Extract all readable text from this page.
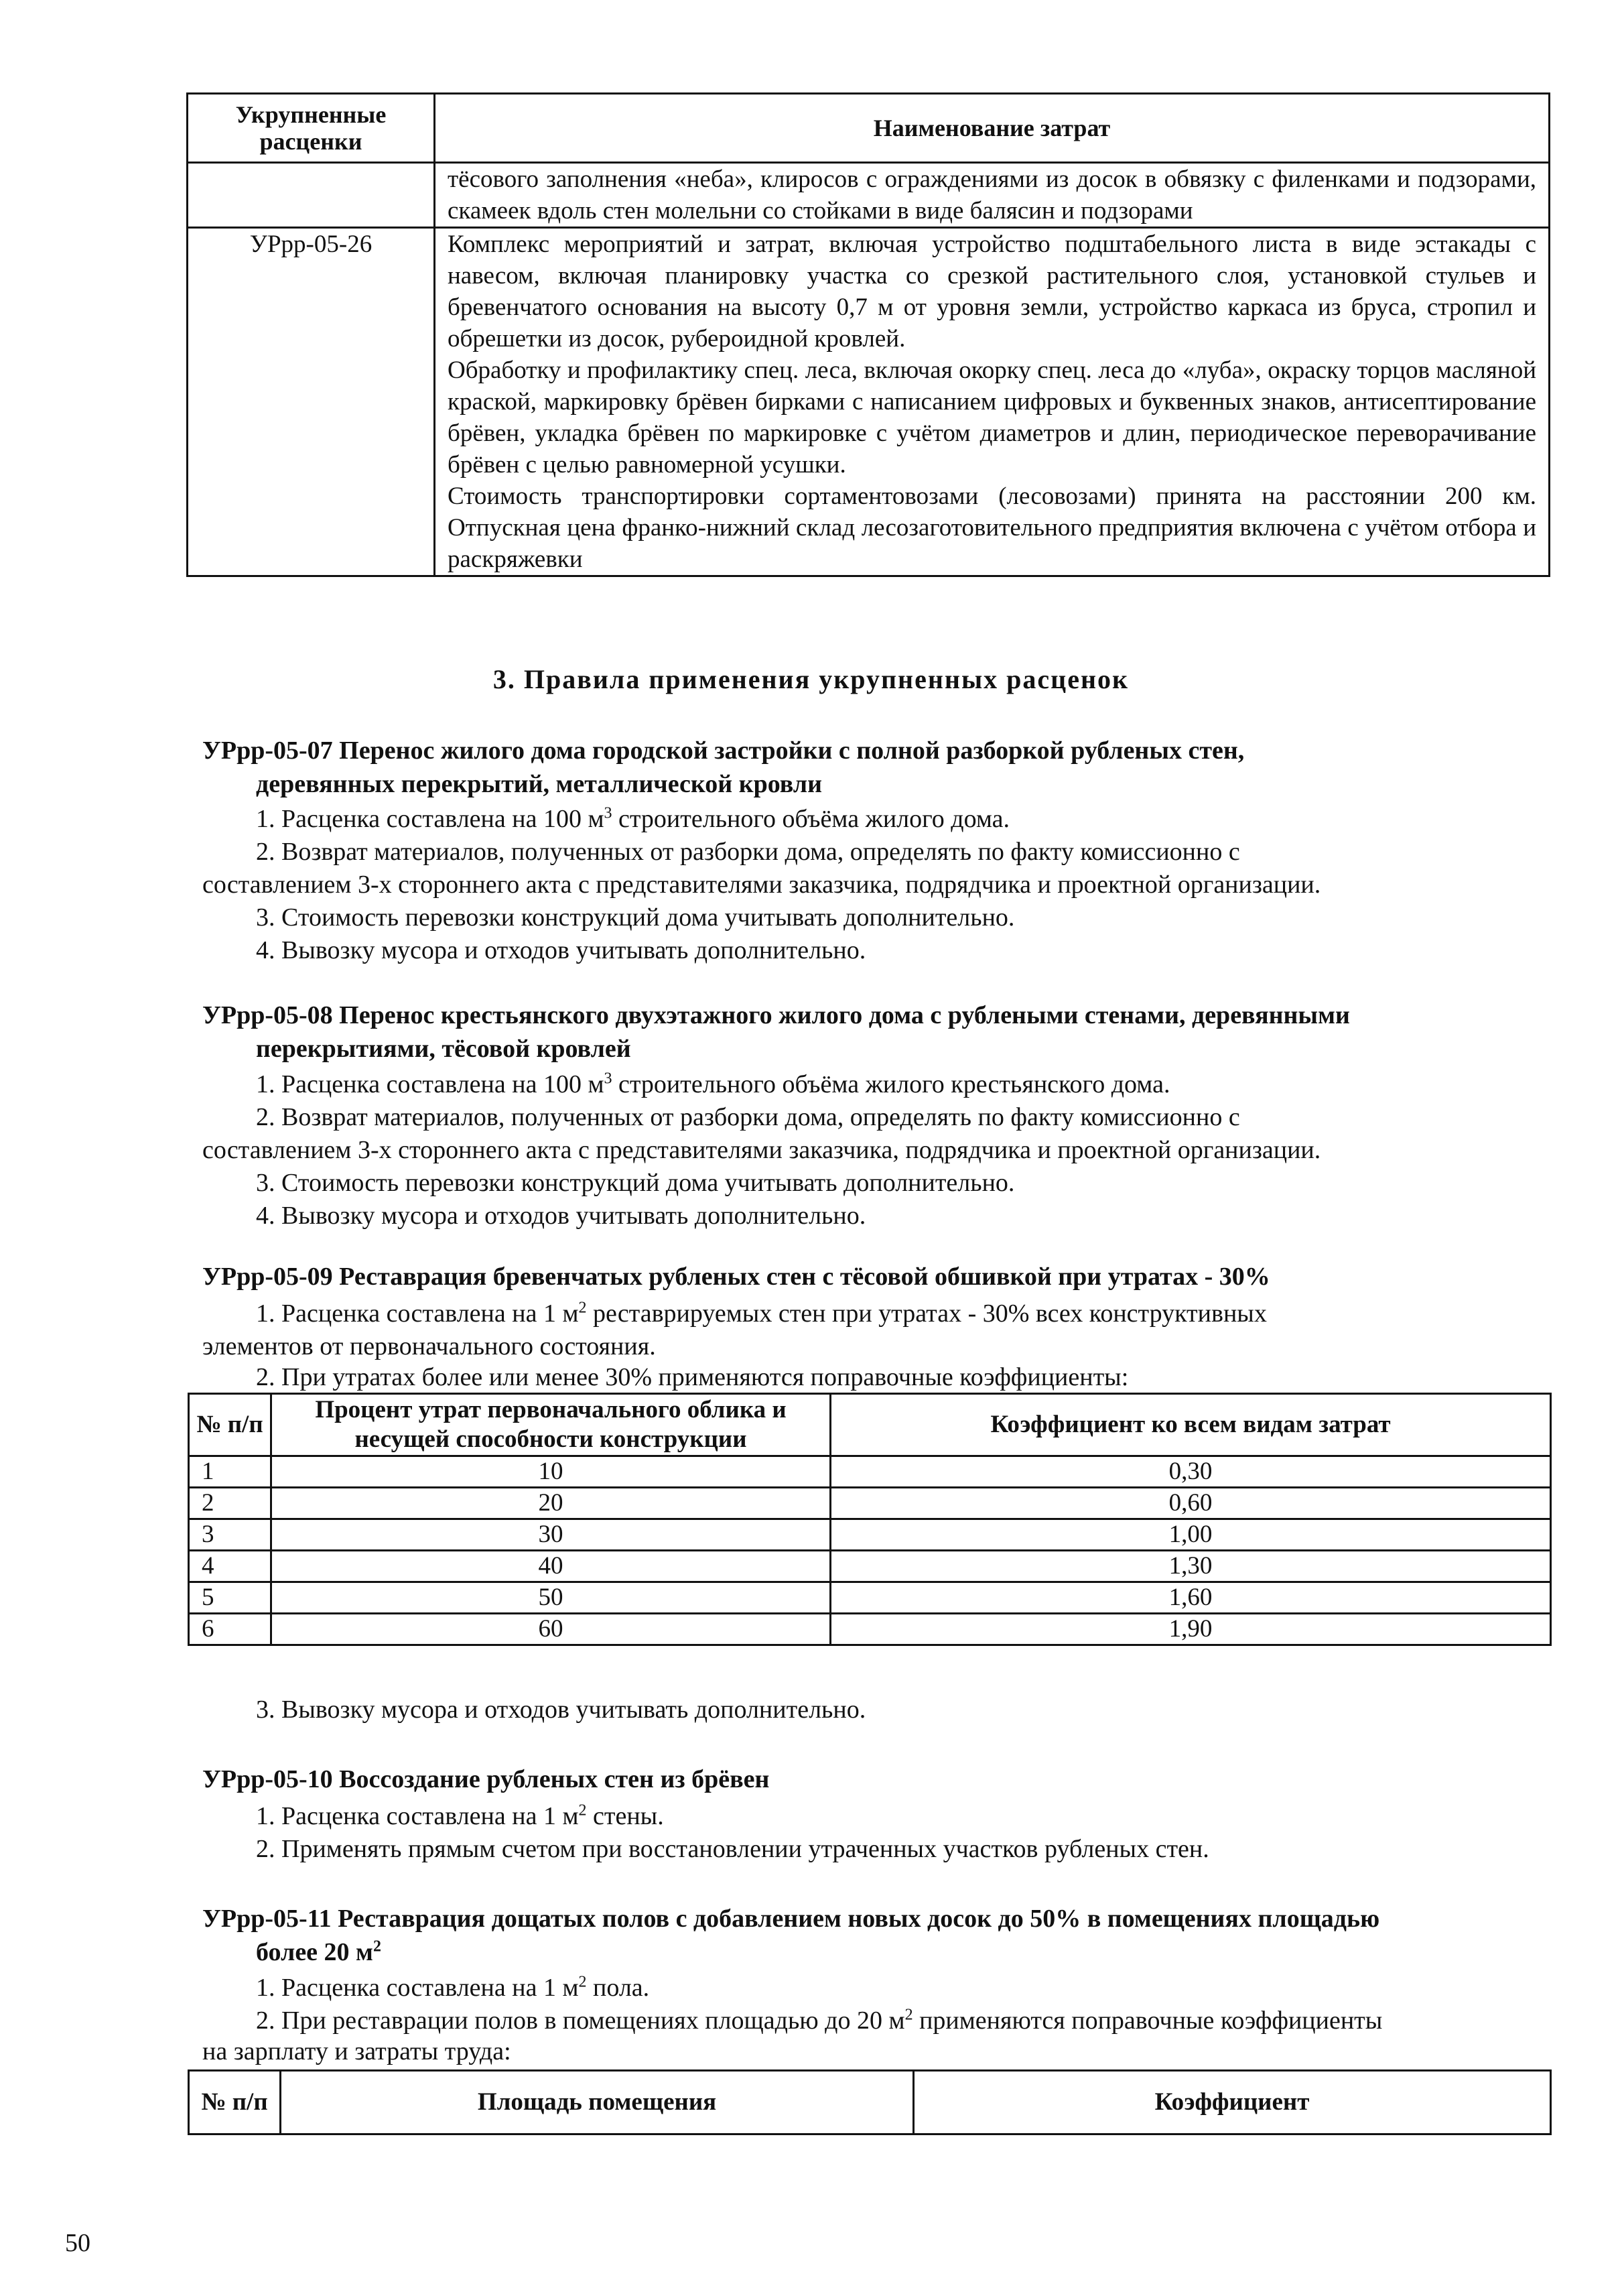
Укрупненные расценки	Наименование затрат

	тёсового заполнения «неба», клиросов с ограждениями из досок в обвязку с филенками и подзорами, скамеек вдоль стен молельни со стойками в виде балясин и подзорами

УРрр-05-26	Комплекс мероприятий и затрат, включая устройство подштабельного листа в виде эстакады с навесом, включая планировку участка со срезкой растительного слоя, установкой стульев и бревенчатого основания на высоту 0,7 м от уровня земли, устройство каркаса из бруса, стропил и обрешетки из досок, рубероидной кровлей.

Обработку и профилактику спец. леса, включая окорку спец. леса до «луба», окраску торцов масляной краской, маркировку брёвен бирками с написанием цифровых и буквенных знаков, антисептирование брёвен, укладка брёвен по маркировке с учётом диаметров и длин, периодическое переворачивание брёвен с целью равномерной усушки.

Стоимость транспортировки сортаментовозами (лесовозами) принята на расстоянии 200 км. Отпускная цена франко-нижний склад лесозаготовительного предприятия включена с учётом отбора и раскряжевки

3. Правила применения укрупненных расценок
УРрр-05-07 Перенос жилого дома городской застройки с полной разборкой рубленых стен,
деревянных перекрытий, металлической кровли
1. Расценка составлена на 100 $м^3$ строительного объёма жилого дома.
2. Возврат материалов, полученных от разборки дома, определять по факту комиссионно с
составлением 3-х стороннего акта с представителями заказчика, подрядчика и проектной организации.
3. Стоимость перевозки конструкций дома учитывать дополнительно.
4. Вывозку мусора и отходов учитывать дополнительно.
УРрр-05-08 Перенос крестьянского двухэтажного жилого дома с рублеными стенами, деревянными
перекрытиями, тёсовой кровлей
1. Расценка составлена на 100 $м^3$ строительного объёма жилого крестьянского дома.
2. Возврат материалов, полученных от разборки дома, определять по факту комиссионно с
составлением 3-х стороннего акта с представителями заказчика, подрядчика и проектной организации.
3. Стоимость перевозки конструкций дома учитывать дополнительно.
4. Вывозку мусора и отходов учитывать дополнительно.
УРрр-05-09 Реставрация бревенчатых рубленых стен с тёсовой обшивкой при утратах - 30%
1. Расценка составлена на 1 $м^2$ реставрируемых стен при утратах - 30% всех конструктивных
элементов от первоначального состояния.
2. При утратах более или менее 30% применяются поправочные коэффициенты:
№ п/п	Процент утрат первоначального облика и несущей способности конструкции	Коэффициент ко всем видам затрат
1	10	0,30
2	20	0,60
3	30	1,00
4	40	1,30
5	50	1,60
6	60	1,90
3. Вывозку мусора и отходов учитывать дополнительно.
УРрр-05-10 Воссоздание рубленых стен из брёвен
1. Расценка составлена на 1 $м^2$ стены.
2. Применять прямым счетом при восстановлении утраченных участков рубленых стен.
УРрр-05-11 Реставрация дощатых полов с добавлением новых досок до 50% в помещениях площадью
более 20 $м^2$
1. Расценка составлена на 1 $м^2$ пола.
2. При реставрации полов в помещениях площадью до 20 $м^2$ применяются поправочные коэффициенты
на зарплату и затраты труда:
№ п/п	Площадь помещения	Коэффициент
50
